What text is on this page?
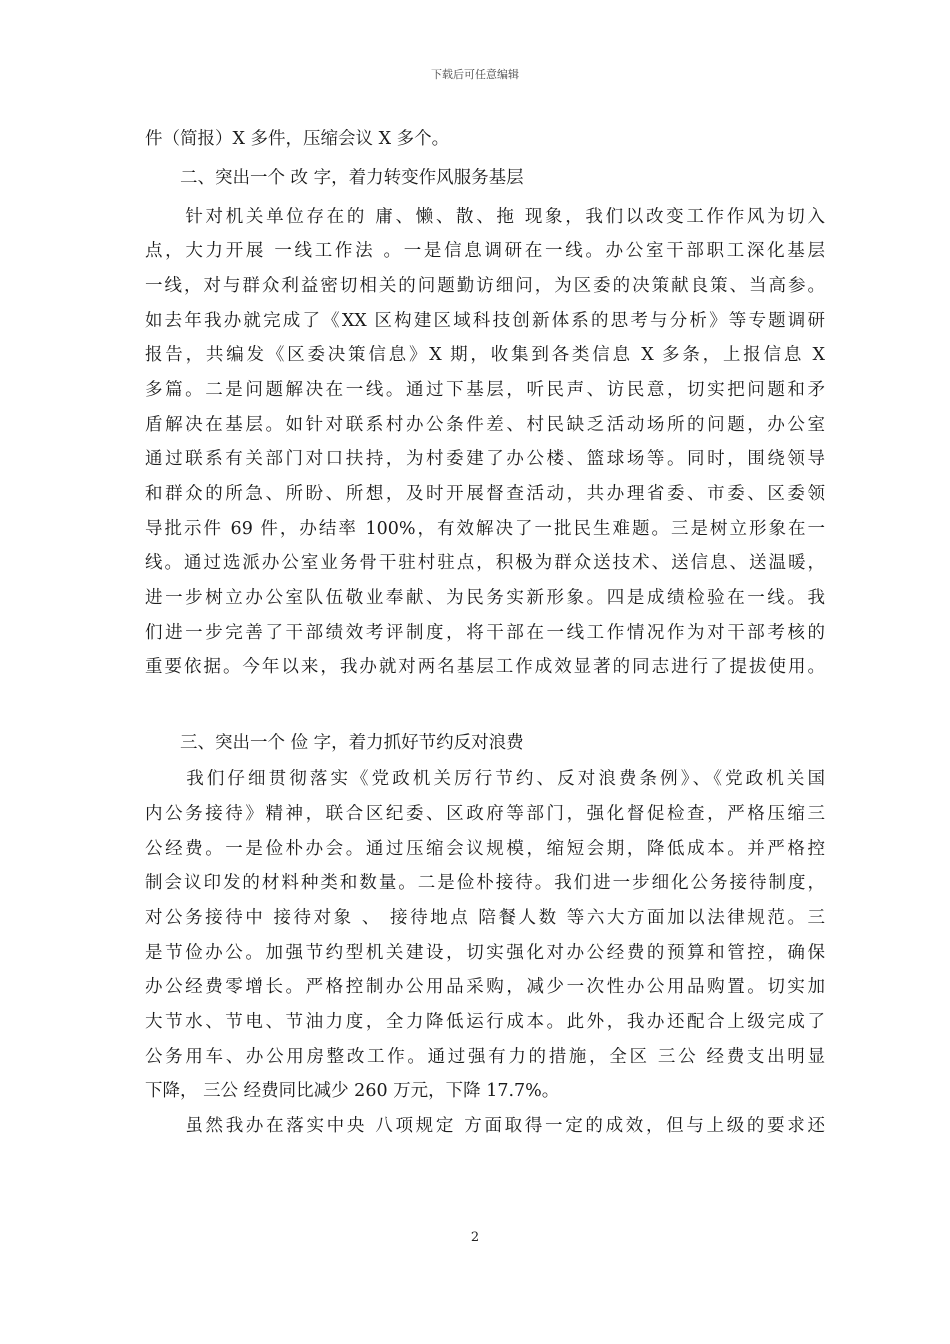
下载后可任意编辑
件（简报）X 多件，压缩会议 X 多个。
　　二、突出一个 改 字，着力转变作风服务基层
　　针对机关单位存在的 庸、懒、散、拖 现象，我们以改变工作作风为切入
点，大力开展 一线工作法 。一是信息调研在一线。办公室干部职工深化基层
一线，对与群众利益密切相关的问题勤访细问，为区委的决策献良策、当高参。
如去年我办就完成了《XX 区构建区域科技创新体系的思考与分析》等专题调研
报告，共编发《区委决策信息》X 期，收集到各类信息 X 多条，上报信息 X
多篇。二是问题解决在一线。通过下基层，听民声、访民意，切实把问题和矛
盾解决在基层。如针对联系村办公条件差、村民缺乏活动场所的问题，办公室
通过联系有关部门对口扶持，为村委建了办公楼、篮球场等。同时，围绕领导
和群众的所急、所盼、所想，及时开展督查活动，共办理省委、市委、区委领
导批示件 69 件，办结率 100%，有效解决了一批民生难题。三是树立形象在一
线。通过选派办公室业务骨干驻村驻点，积极为群众送技术、送信息、送温暖，
进一步树立办公室队伍敬业奉献、为民务实新形象。四是成绩检验在一线。我
们进一步完善了干部绩效考评制度，将干部在一线工作情况作为对干部考核的
重要依据。今年以来，我办就对两名基层工作成效显著的同志进行了提拔使用。
　　三、突出一个 俭 字，着力抓好节约反对浪费
　　我们仔细贯彻落实《党政机关厉行节约、反对浪费条例》、《党政机关国
内公务接待》精神，联合区纪委、区政府等部门，强化督促检查，严格压缩三
公经费。一是俭朴办会。通过压缩会议规模，缩短会期，降低成本。并严格控
制会议印发的材料种类和数量。二是俭朴接待。我们进一步细化公务接待制度，
对公务接待中 接待对象 、 接待地点 陪餐人数 等六大方面加以法律规范。三
是节俭办公。加强节约型机关建设，切实强化对办公经费的预算和管控，确保
办公经费零增长。严格控制办公用品采购，减少一次性办公用品购置。切实加
大节水、节电、节油力度，全力降低运行成本。此外，我办还配合上级完成了
公务用车、办公用房整改工作。通过强有力的措施，全区 三公 经费支出明显
下降， 三公 经费同比减少 260 万元，下降 17.7%。
　　虽然我办在落实中央 八项规定 方面取得一定的成效，但与上级的要求还
2
